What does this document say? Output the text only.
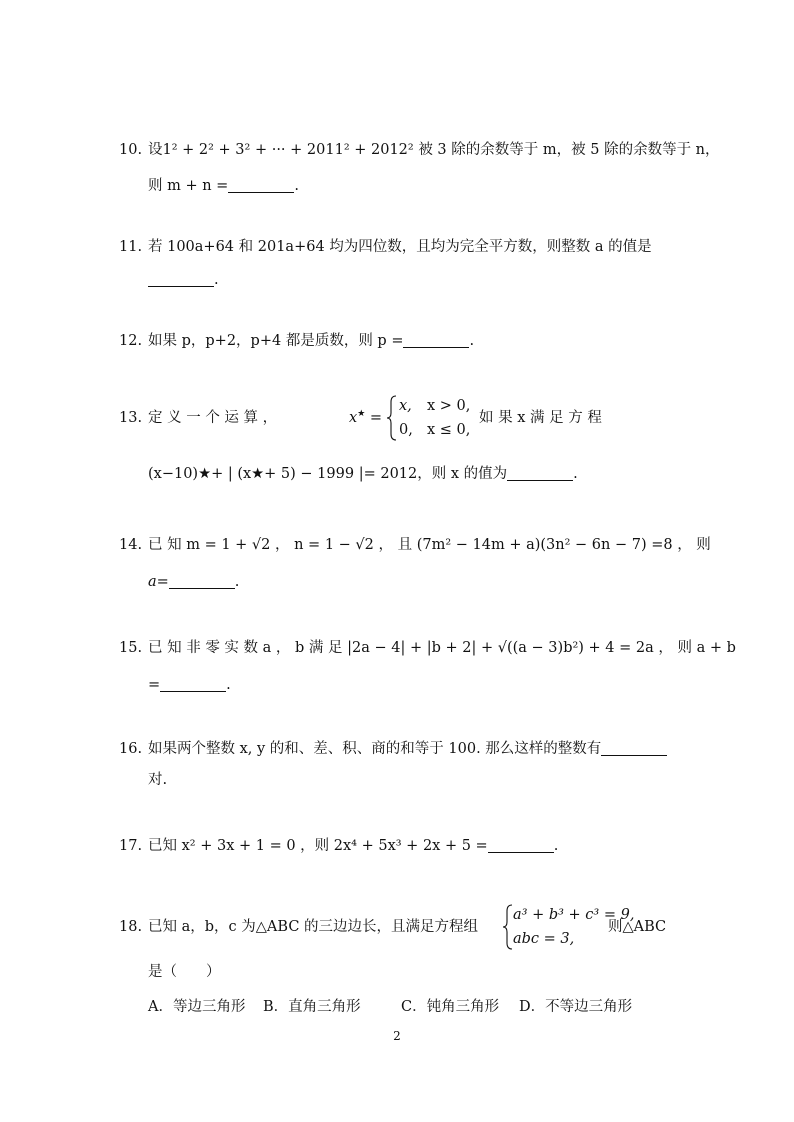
10. 设1² + 2² + 3² + ··· + 2011² + 2012² 被 3 除的余数等于 m，被 5 除的余数等于 n，
则 m + n =	.
11. 若 100a+64 和 201a+64 均为四位数，且均为完全平方数，则整数 a 的值是
.
12. 如果 p，p+2，p+4 都是质数，则 p =	.
13. 定 义 一 个 运 算 ，	x★ =
x, x > 0,
0, x ≤ 0,
如 果 x 满 足 方 程
(x−10)★+ | (x★+ 5) − 1999 |= 2012，则 x 的值为	.
14. 已 知 m = 1 + √2 ， n = 1 − √2 ， 且 (7m² − 14m + a)(3n² − 6n − 7) =8 ， 则
a=	.
15. 已 知 非 零 实 数 a ， b 满 足 |2a − 4| + |b + 2| + √((a − 3)b²) + 4 = 2a ， 则 a + b
=	.
16. 如果两个整数 x, y 的和、差、积、商的和等于 100. 那么这样的整数有
对.
17. 已知 x² + 3x + 1 = 0 ，则 2x⁴ + 5x³ + 2x + 5 =	.
18. 已知 a，b，c 为△ABC 的三边边长，且满足方程组
a³ + b³ + c³ = 9,
abc = 3,
则△ABC
是（　　）
A．等边三角形 B．直角三角形	C．钝角三角形 D．不等边三角形
2
